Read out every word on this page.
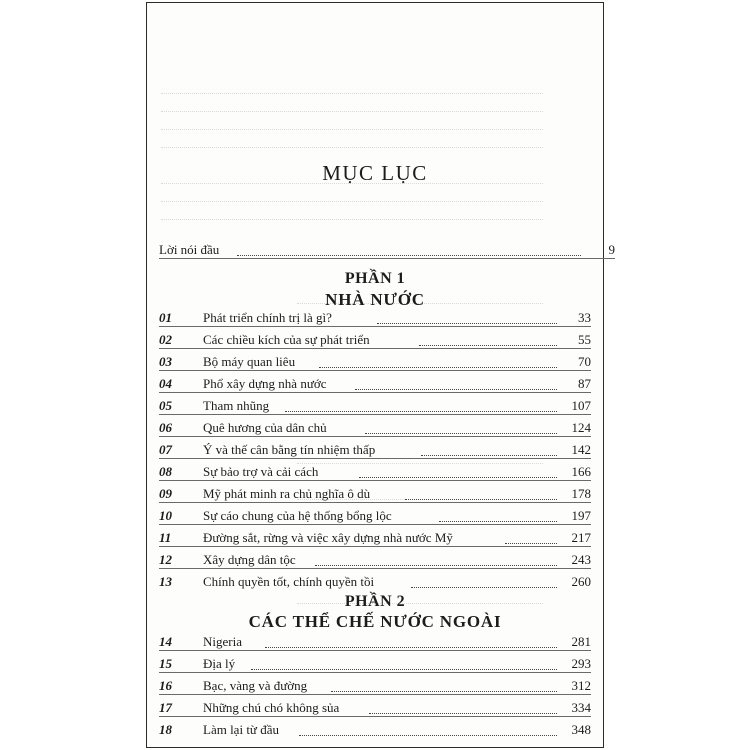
MỤC LỤC
Lời nói đầu	9
PHẦN 1
NHÀ NƯỚC
01 Phát triển chính trị là gì?	33
02 Các chiều kích của sự phát triển	55
03 Bộ máy quan liêu	70
04 Phổ xây dựng nhà nước	87
05 Tham nhũng	107
06 Quê hương của dân chủ	124
07 Ý và thế cân bằng tín nhiệm thấp	142
08 Sự bảo trợ và cải cách	166
09 Mỹ phát minh ra chủ nghĩa ô dù	178
10 Sự cáo chung của hệ thống bổng lộc	197
11 Đường sắt, rừng và việc xây dựng nhà nước Mỹ	217
12 Xây dựng dân tộc	243
13 Chính quyền tốt, chính quyền tồi	260
PHẦN 2
CÁC THỂ CHẾ NƯỚC NGOÀI
14 Nigeria	281
15 Địa lý	293
16 Bạc, vàng và đường	312
17 Những chú chó không sủa	334
18 Làm lại từ đầu	348
